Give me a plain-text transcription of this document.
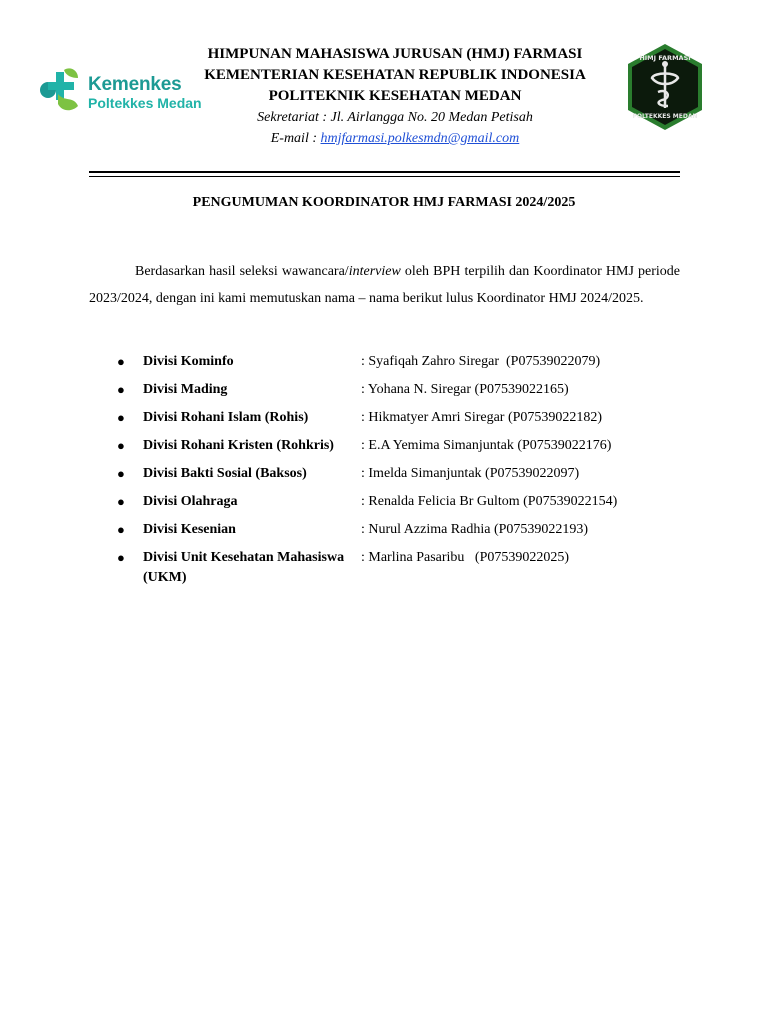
Kemenkes
Poltekkes Medan
HIMJ FARMASI
POLTEKKES MEDAN
HIMPUNAN MAHASISWA JURUSAN (HMJ) FARMASI
KEMENTERIAN KESEHATAN REPUBLIK INDONESIA
POLITEKNIK KESEHATAN MEDAN
Sekretariat : Jl. Airlangga No. 20 Medan Petisah
E-mail : hmjfarmasi.polkesmdn@gmail.com
PENGUMUMAN KOORDINATOR HMJ FARMASI 2024/2025
Berdasarkan hasil seleksi wawancara/interview oleh BPH terpilih dan Koordinator HMJ periode 2023/2024, dengan ini kami memutuskan nama – nama berikut lulus Koordinator HMJ 2024/2025.
● Divisi Kominfo	: Syafiqah Zahro Siregar  (P07539022079)
● Divisi Mading	: Yohana N. Siregar (P07539022165)
● Divisi Rohani Islam (Rohis)	: Hikmatyer Amri Siregar (P07539022182)
● Divisi Rohani Kristen (Rohkris) : E.A Yemima Simanjuntak (P07539022176)
● Divisi Bakti Sosial (Baksos)	: Imelda Simanjuntak (P07539022097)
● Divisi Olahraga	: Renalda Felicia Br Gultom (P07539022154)
● Divisi Kesenian	: Nurul Azzima Radhia (P07539022193)
● Divisi Unit Kesehatan Mahasiswa : Marlina Pasaribu   (P07539022025)
(UKM)
